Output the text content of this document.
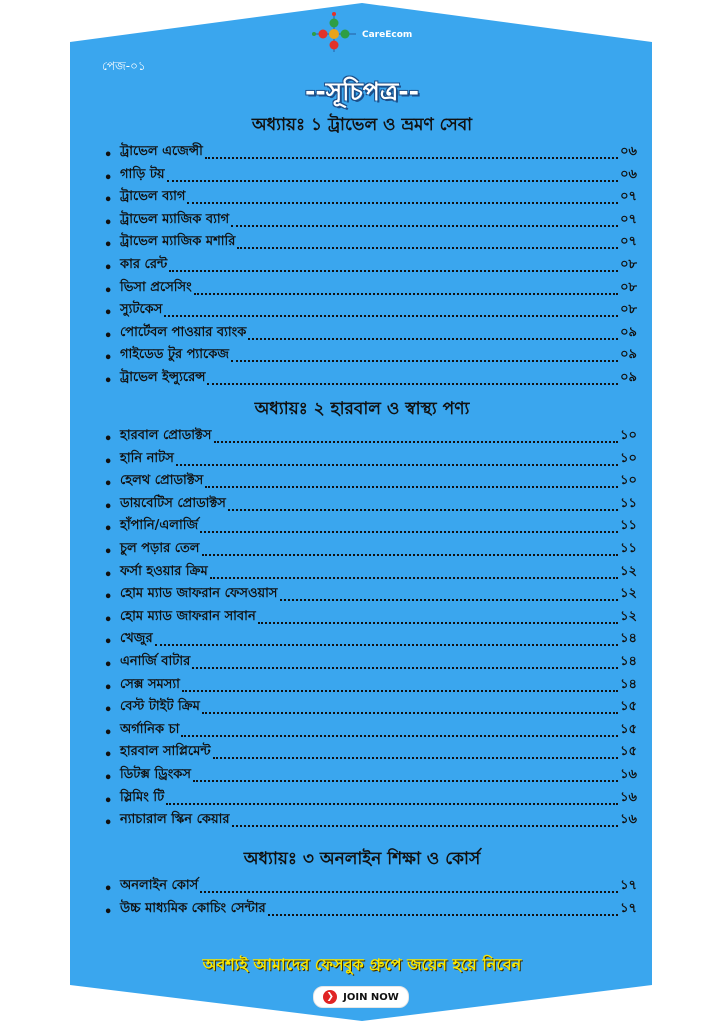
CareEcom
পেজ-০১
--সূচিপত্র--
অধ্যায়ঃ ১ ট্রাভেল ও ভ্রমণ সেবা
• ট্রাভেল এজেন্সী	০৬
• গাড়ি টয়	০৬
• ট্রাভেল ব্যাগ	০৭
• ট্রাভেল ম্যাজিক ব্যাগ	০৭
• ট্রাভেল ম্যাজিক মশারি	০৭
• কার রেন্ট	০৮
• ভিসা প্রসেসিং	০৮
• স্যুটকেস	০৮
• পোর্টেবল পাওয়ার ব্যাংক	০৯
• গাইডেড টুর প্যাকেজ	০৯
• ট্রাভেল ইন্স্যুরেন্স	০৯
অধ্যায়ঃ ২ হারবাল ও স্বাস্থ্য পণ্য
• হারবাল প্রোডাক্টস	১০
• হানি নাটস	১০
• হেলথ প্রোডাক্টস	১০
• ডায়বেটিস প্রোডাক্টস	১১
• হাঁপানি/এলার্জি	১১
• চুল পড়ার তেল	১১
• ফর্সা হওয়ার ক্রিম	১২
• হোম ম্যাড জাফরান ফেসওয়াস	১২
• হোম ম্যাড জাফরান সাবান	১২
• খেজুর	১৪
• এনার্জি বাটার	১৪
• সেক্স সমস্যা	১৪
• বেস্ট টাইট ক্রিম	১৫
• অর্গানিক চা	১৫
• হারবাল সাপ্লিমেন্ট	১৫
• ডিটক্স ড্রিংকস	১৬
• স্লিমিং টি	১৬
• ন্যাচারাল স্কিন কেয়ার	১৬
অধ্যায়ঃ ৩ অনলাইন শিক্ষা ও কোর্স
• অনলাইন কোর্স	১৭
• উচ্চ মাধ্যমিক কোচিং সেন্টার	১৭
অবশ্যই আমাদের ফেসবুক গ্রুপে জয়েন হয়ে নিবেন
❯ JOIN NOW
